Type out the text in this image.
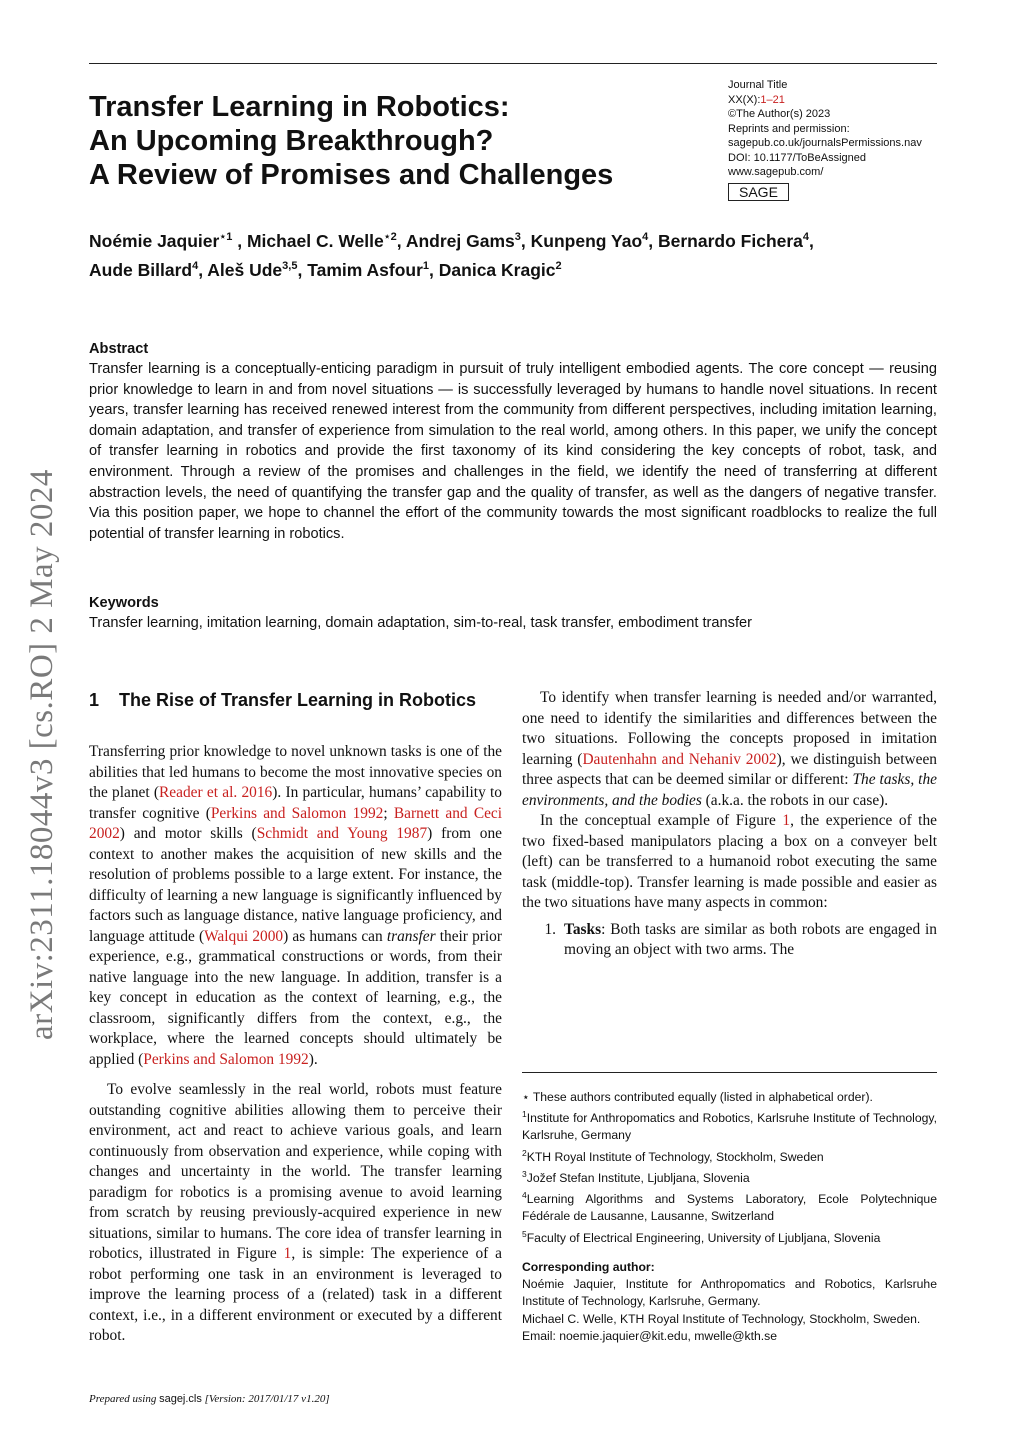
Transfer Learning in Robotics:
An Upcoming Breakthrough?
A Review of Promises and Challenges
Journal Title
XX(X):1–21
©The Author(s) 2023
Reprints and permission:
sagepub.co.uk/journalsPermissions.nav
DOI: 10.1177/ToBeAssigned
www.sagepub.com/
SAGE
Noémie Jaquier$^{⋆1}$ , Michael C. Welle$^{⋆2}$, Andrej Gams$^3$, Kunpeng Yao$^4$, Bernardo Fichera$^4$,
Aude Billard$^4$, Aleš Ude$^{3,5}$, Tamim Asfour$^1$, Danica Kragic$^2$
Abstract

Transfer learning is a conceptually-enticing paradigm in pursuit of truly intelligent embodied agents. The core concept — reusing prior knowledge to learn in and from novel situations — is successfully leveraged by humans to handle novel situations. In recent years, transfer learning has received renewed interest from the community from different perspectives, including imitation learning, domain adaptation, and transfer of experience from simulation to the real world, among others. In this paper, we unify the concept of transfer learning in robotics and provide the first taxonomy of its kind considering the key concepts of robot, task, and environment. Through a review of the promises and challenges in the field, we identify the need of transferring at different abstraction levels, the need of quantifying the transfer gap and the quality of transfer, as well as the dangers of negative transfer. Via this position paper, we hope to channel the effort of the community towards the most significant roadblocks to realize the full potential of transfer learning in robotics.

Keywords
Transfer learning, imitation learning, domain adaptation, sim-to-real, task transfer, embodiment transfer
arXiv:2311.18044v3 [cs.RO] 2 May 2024 1	The Rise of Transfer Learning in Robotics

Transferring prior knowledge to novel unknown tasks is one of the abilities that led humans to become the most innovative species on the planet (Reader et al. 2016). In particular, humans’ capability to transfer cognitive (Perkins and Salomon 1992; Barnett and Ceci 2002) and motor skills (Schmidt and Young 1987) from one context to another makes the acquisition of new skills and the resolution of problems possible to a large extent. For instance, the difficulty of learning a new language is significantly influenced by factors such as language distance, native language proficiency, and language attitude (Walqui 2000) as humans can transfer their prior experience, e.g., grammatical constructions or words, from their native language into the new language. In addition, transfer is a key concept in education as the context of learning, e.g., the classroom, significantly differs from the context, e.g., the workplace, where the learned concepts should ultimately be applied (Perkins and Salomon 1992).

To evolve seamlessly in the real world, robots must feature outstanding cognitive abilities allowing them to perceive their environment, act and react to achieve various goals, and learn continuously from observation and experience, while coping with changes and uncertainty in the world. The transfer learning paradigm for robotics is a promising avenue to avoid learning from scratch by reusing previously-acquired experience in new situations, similar to humans. The core idea of transfer learning in robotics, illustrated in Figure 1, is simple: The experience of a robot performing one task in an environment is leveraged to improve the learning process of a (related) task in a different context, i.e., in a different environment or executed by a different robot.

To identify when transfer learning is needed and/or warranted, one need to identify the similarities and differences between the two situations. Following the concepts proposed in imitation learning (Dautenhahn and Nehaniv 2002), we distinguish between three aspects that can be deemed similar or different: The tasks, the environments, and the bodies (a.k.a. the robots in our case).

In the conceptual example of Figure 1, the experience of the two fixed-based manipulators placing a box on a conveyer belt (left) can be transferred to a humanoid robot executing the same task (middle-top). Transfer learning is made possible and easier as the two situations have many aspects in common:

1. Tasks: Both tasks are similar as both robots are engaged in moving an object with two arms. The
⋆ These authors contributed equally (listed in alphabetical order).
$^1$Institute for Anthropomatics and Robotics, Karlsruhe Institute of Technology, Karlsruhe, Germany
$^2$KTH Royal Institute of Technology, Stockholm, Sweden
$^3$Jožef Stefan Institute, Ljubljana, Slovenia
$^4$Learning Algorithms and Systems Laboratory, Ecole Polytechnique Fédérale de Lausanne, Lausanne, Switzerland
$^5$Faculty of Electrical Engineering, University of Ljubljana, Slovenia
Corresponding author:

Noémie Jaquier, Institute for Anthropomatics and Robotics, Karlsruhe Institute of Technology, Karlsruhe, Germany.

Michael C. Welle, KTH Royal Institute of Technology, Stockholm, Sweden.

Email: noemie.jaquier@kit.edu, mwelle@kth.se

Prepared using sagej.cls [Version: 2017/01/17 v1.20]
